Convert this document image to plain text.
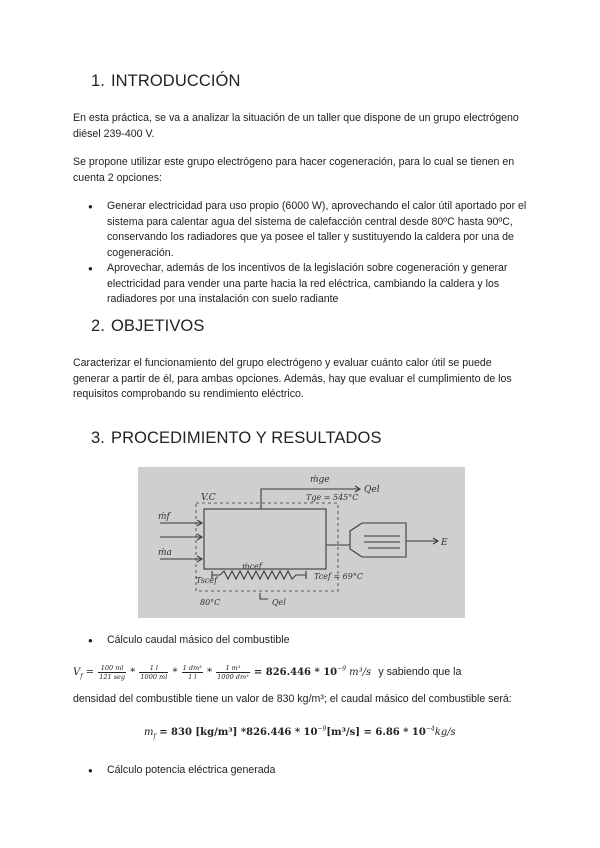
1. INTRODUCCIÓN

En esta práctica, se va a analizar la situación de un taller que dispone de un grupo electrógeno diésel 239-400 V.

Se propone utilizar este grupo electrógeno para hacer cogeneración, para lo cual se tienen en cuenta 2 opciones:

● Generar electricidad para uso propio (6000 W), aprovechando el calor útil aportado por el sistema para calentar agua del sistema de calefacción central desde 80ºC hasta 90ºC, conservando los radiadores que ya posee el taller y sustituyendo la caldera por una de cogeneración.
● Aprovechar, además de los incentivos de la legislación sobre cogeneración y generar electricidad para vender una parte hacia la red eléctrica, cambiando la caldera y los radiadores por una instalación con suelo radiante
2. OBJETIVOS

Caracterizar el funcionamiento del grupo electrógeno y evaluar cuánto calor útil se puede generar a partir de él, para ambas opciones. Además, hay que evaluar el cumplimiento de los requisitos comprobando su rendimiento eléctrico.

3. PROCEDIMIENTO Y RESULTADOS
V.C
ṁge
Tge = 545°C
Qel
ṁf
ṁa
E
ṁcef
Tcef = 69°C
Tscef
80°C	Qel
● Cálculo caudal másico del combustible
$V_f = \frac{100 ml}{\text{121 seg}} * \frac{1 l}{1000 ml} * \frac{\text{1 dm³}}{1 l} * \frac{\text{1 m³}}{\text{1000 dm³}} = 826.446 * 10^{-9}$ m³/s y sabiendo que la

densidad del combustible tiene un valor de 830 kg/m³; el caudal másico del combustible será:

$m_f = 830$ [kg/m³] $*826.446 * 10^{-9}[m^3/s] = 6.86 * 10^{-4}kg/s$
● Cálculo potencia eléctrica generada
